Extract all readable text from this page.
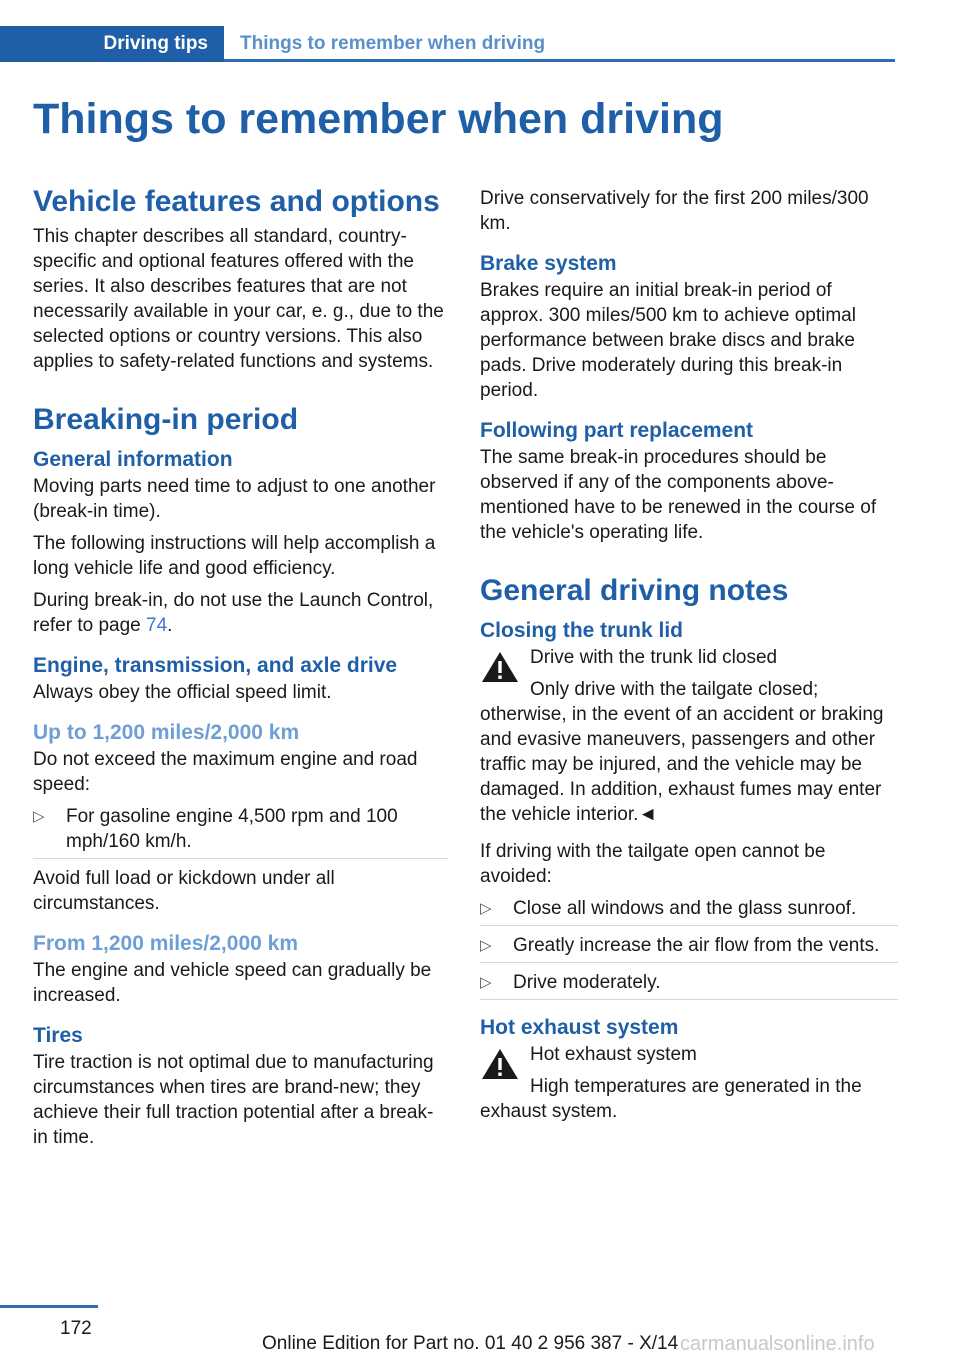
Driving tips	Things to remember when driving
Things to remember when driving
Vehicle features and options

This chapter describes all standard, country-specific and optional features offered with the series. It also describes features that are not necessarily available in your car, e. g., due to the selected options or country versions. This also applies to safety-related functions and systems.

Breaking-in period
General information

Moving parts need time to adjust to one another (break-in time).

The following instructions will help accomplish a long vehicle life and good efficiency.

During break-in, do not use the Launch Control, refer to page 74.

Engine, transmission, and axle drive

Always obey the official speed limit.

Up to 1,200 miles/2,000 km

Do not exceed the maximum engine and road speed:

▷ For gasoline engine 4,500 rpm and 100 mph/160 km/h.

Avoid full load or kickdown under all circumstances.

From 1,200 miles/2,000 km

The engine and vehicle speed can gradually be increased.

Tires

Tire traction is not optimal due to manufacturing circumstances when tires are brand-new; they achieve their full traction potential after a break-in time.

Drive conservatively for the first 200 miles/300 km.

Brake system

Brakes require an initial break-in period of approx. 300 miles/500 km to achieve optimal performance between brake discs and brake pads. Drive moderately during this break-in period.

Following part replacement

The same break-in procedures should be observed if any of the components above-mentioned have to be renewed in the course of the vehicle's operating life.

General driving notes
Closing the trunk lid

Drive with the trunk lid closed

Only drive with the tailgate closed; otherwise, in the event of an accident or braking and evasive maneuvers, passengers and other traffic may be injured, and the vehicle may be damaged. In addition, exhaust fumes may enter the vehicle interior.◄

If driving with the tailgate open cannot be avoided:

▷ Close all windows and the glass sunroof.
▷ Greatly increase the air flow from the vents.
▷ Drive moderately.
Hot exhaust system

Hot exhaust system

High temperatures are generated in the exhaust system.

172
Online Edition for Part no. 01 40 2 956 387 - X/14 carmanualsonline.info
